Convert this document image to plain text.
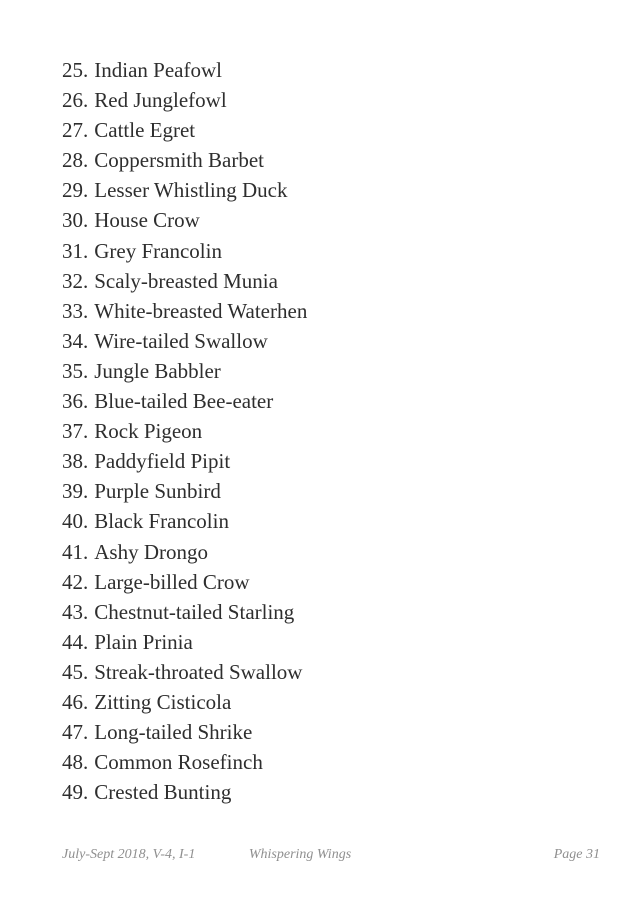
25. Indian Peafowl
26. Red Junglefowl
27. Cattle Egret
28. Coppersmith Barbet
29. Lesser Whistling Duck
30. House Crow
31. Grey Francolin
32. Scaly-breasted Munia
33. White-breasted Waterhen
34. Wire-tailed Swallow
35. Jungle Babbler
36. Blue-tailed Bee-eater
37. Rock Pigeon
38. Paddyfield Pipit
39. Purple Sunbird
40. Black Francolin
41. Ashy Drongo
42. Large-billed Crow
43. Chestnut-tailed Starling
44. Plain Prinia
45. Streak-throated Swallow
46. Zitting Cisticola
47. Long-tailed Shrike
48. Common Rosefinch
49. Crested Bunting
July-Sept 2018, V-4, I-1	Whispering Wings	Page 31
